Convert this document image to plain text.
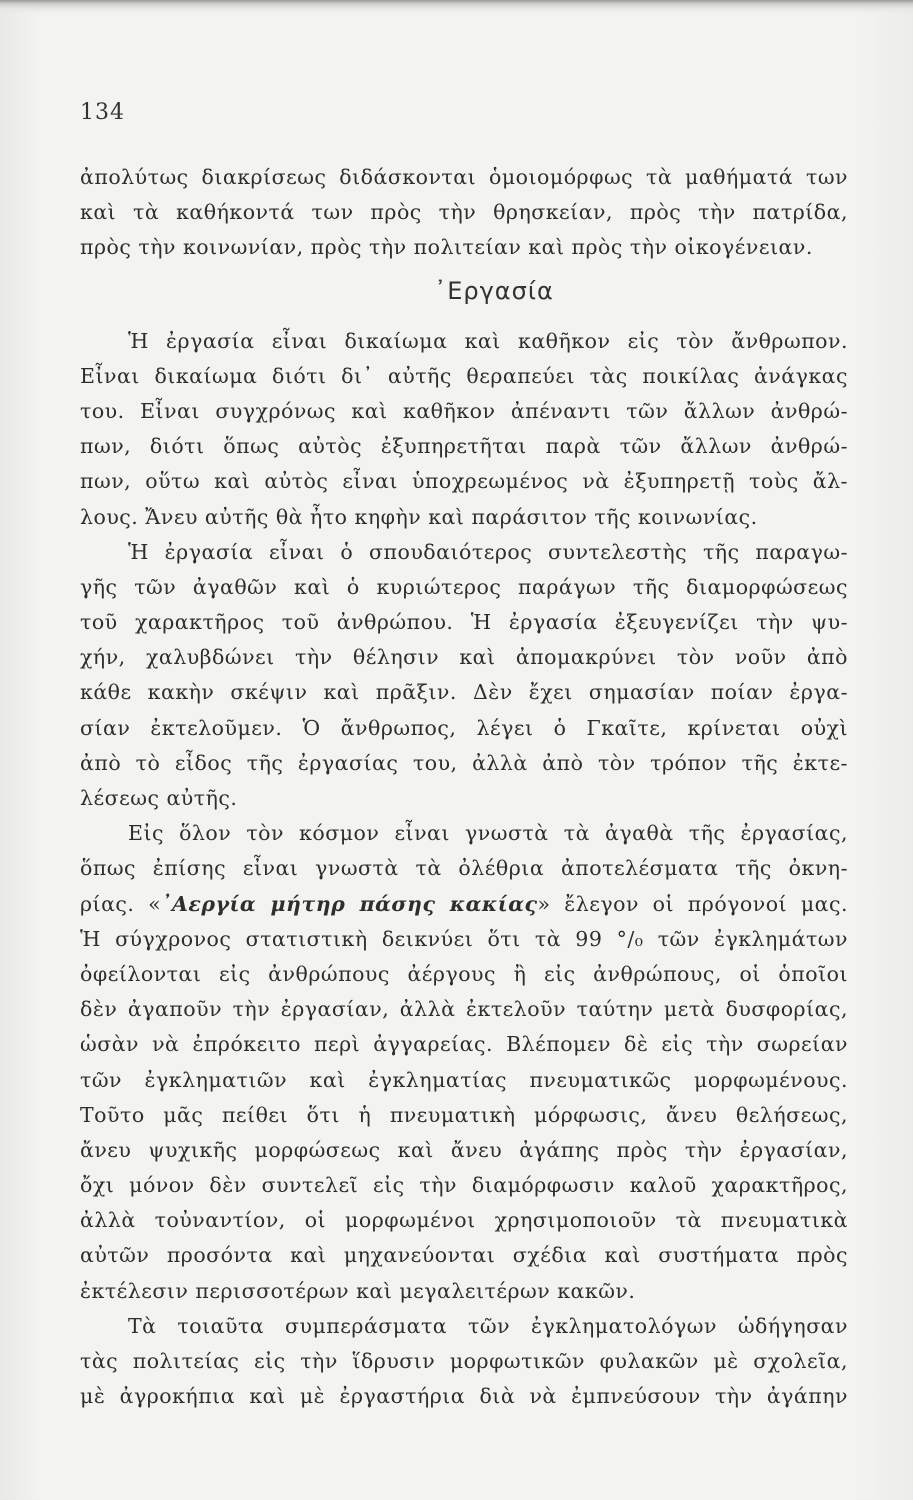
134
ἀπολύτως διακρίσεως διδάσκονται ὁμοιομόρφως τὰ μαθήματά των
καὶ τὰ καθήκοντά των πρὸς τὴν θρησκείαν, πρὸς τὴν πατρίδα,
πρὸς τὴν κοινωνίαν, πρὸς τὴν πολιτείαν καὶ πρὸς τὴν οἰκογένειαν.
᾿Εργασία
Ἡ ἐργασία εἶναι δικαίωμα καὶ καθῆκον εἰς τὸν ἄνθρωπον.
Εἶναι δικαίωμα διότι δι᾿ αὐτῆς θεραπεύει τὰς ποικίλας ἀνάγκας
του. Εἶναι συγχρόνως καὶ καθῆκον ἀπέναντι τῶν ἄλλων ἀνθρώ-
πων, διότι ὅπως αὐτὸς ἐξυπηρετῆται παρὰ τῶν ἄλλων ἀνθρώ-
πων, οὕτω καὶ αὐτὸς εἶναι ὑποχρεωμένος νὰ ἐξυπηρετῇ τοὺς ἄλ-
λους. Ἄνευ αὐτῆς θὰ ἦτο κηφὴν καὶ παράσιτον τῆς κοινωνίας.
Ἡ ἐργασία εἶναι ὁ σπουδαιότερος συντελεστὴς τῆς παραγω-
γῆς τῶν ἀγαθῶν καὶ ὁ κυριώτερος παράγων τῆς διαμορφώσεως
τοῦ χαρακτῆρος τοῦ ἀνθρώπου. Ἡ ἐργασία ἐξευγενίζει τὴν ψυ-
χήν, χαλυβδώνει τὴν θέλησιν καὶ ἀπομακρύνει τὸν νοῦν ἀπὸ
κάθε κακὴν σκέψιν καὶ πρᾶξιν. Δὲν ἔχει σημασίαν ποίαν ἐργα-
σίαν ἐκτελοῦμεν. Ὁ ἄνθρωπος, λέγει ὁ Γκαῖτε, κρίνεται οὐχὶ
ἀπὸ τὸ εἶδος τῆς ἐργασίας του, ἀλλὰ ἀπὸ τὸν τρόπον τῆς ἐκτε-
λέσεως αὐτῆς.
Εἰς ὅλον τὸν κόσμον εἶναι γνωστὰ τὰ ἀγαθὰ τῆς ἐργασίας,
ὅπως ἐπίσης εἶναι γνωστὰ τὰ ὀλέθρια ἀποτελέσματα τῆς ὀκνη-
ρίας. «᾿Αεργία μήτηρ πάσης κακίας» ἔλεγον οἱ πρόγονοί μας.
Ἡ σύγχρονος στατιστικὴ δεικνύει ὅτι τὰ 99 °/₀ τῶν ἐγκλημάτων
ὀφείλονται εἰς ἀνθρώπους ἀέργους ἢ εἰς ἀνθρώπους, οἱ ὁποῖοι
δὲν ἀγαποῦν τὴν ἐργασίαν, ἀλλὰ ἐκτελοῦν ταύτην μετὰ δυσφορίας,
ὡσὰν νὰ ἐπρόκειτο περὶ ἀγγαρείας. Βλέπομεν δὲ εἰς τὴν σωρείαν
τῶν ἐγκληματιῶν καὶ ἐγκληματίας πνευματικῶς μορφωμένους.
Τοῦτο μᾶς πείθει ὅτι ἡ πνευματικὴ μόρφωσις, ἄνευ θελήσεως,
ἄνευ ψυχικῆς μορφώσεως καὶ ἄνευ ἀγάπης πρὸς τὴν ἐργασίαν,
ὄχι μόνον δὲν συντελεῖ εἰς τὴν διαμόρφωσιν καλοῦ χαρακτῆρος,
ἀλλὰ τοὐναντίον, οἱ μορφωμένοι χρησιμοποιοῦν τὰ πνευματικὰ
αὐτῶν προσόντα καὶ μηχανεύονται σχέδια καὶ συστήματα πρὸς
ἐκτέλεσιν περισσοτέρων καὶ μεγαλειτέρων κακῶν.
Τὰ τοιαῦτα συμπεράσματα τῶν ἐγκληματολόγων ὡδήγησαν
τὰς πολιτείας εἰς τὴν ἵδρυσιν μορφωτικῶν φυλακῶν μὲ σχολεῖα,
μὲ ἀγροκήπια καὶ μὲ ἐργαστήρια διὰ νὰ ἐμπνεύσουν τὴν ἀγάπην
